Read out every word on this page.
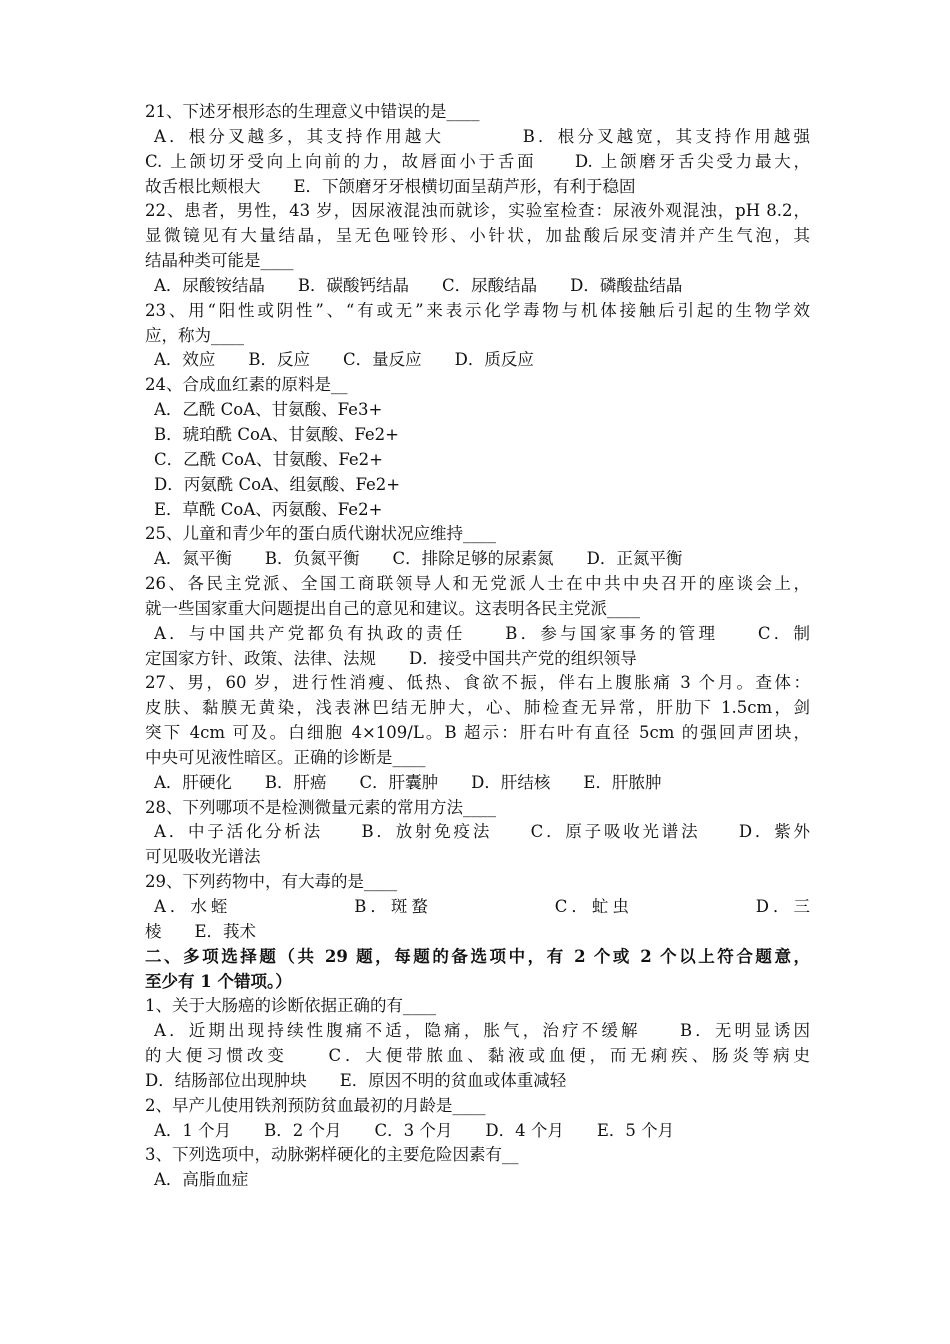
21、下述牙根形态的生理意义中错误的是____
A．根分叉越多，其支持作用越大　　　　B．根分叉越宽，其支持作用越强
C. 上颌切牙受向上向前的力，故唇面小于舌面　　D. 上颌磨牙舌尖受力最大，
故舌根比颊根大　　E．下颌磨牙牙根横切面呈葫芦形，有利于稳固
22、患者，男性，43 岁，因尿液混浊而就诊，实验室检查：尿液外观混浊，pH 8.2，
显微镜见有大量结晶，呈无色哑铃形、小针状，加盐酸后尿变清并产生气泡，其
结晶种类可能是____
A．尿酸铵结晶　　B．碳酸钙结晶　　C．尿酸结晶　　D．磷酸盐结晶
23、用“阳性或阴性”、“有或无”来表示化学毒物与机体接触后引起的生物学效
应，称为____
A．效应　　B．反应　　C．量反应　　D．质反应
24、合成血红素的原料是__
A．乙酰 CoA、甘氨酸、Fe3+
B．琥珀酰 CoA、甘氨酸、Fe2+
C．乙酰 CoA、甘氨酸、Fe2+
D．丙氨酰 CoA、组氨酸、Fe2+
E．草酰 CoA、丙氨酸、Fe2+
25、儿童和青少年的蛋白质代谢状况应维持____
A．氮平衡　　B．负氮平衡　　C．排除足够的尿素氮　　D．正氮平衡
26、各民主党派、全国工商联领导人和无党派人士在中共中央召开的座谈会上，
就一些国家重大问题提出自己的意见和建议。这表明各民主党派____
A．与中国共产党都负有执政的责任　　B．参与国家事务的管理　　C．制
定国家方针、政策、法律、法规　　D．接受中国共产党的组织领导
27、男，60 岁，进行性消瘦、低热、食欲不振，伴右上腹胀痛 3 个月。查体：
皮肤、黏膜无黄染，浅表淋巴结无肿大，心、肺检查无异常，肝肋下 1.5cm，剑
突下 4cm 可及。白细胞 4×109/L。B 超示：肝右叶有直径 5cm 的强回声团块，
中央可见液性暗区。正确的诊断是____
A．肝硬化　　B．肝癌　　C．肝囊肿　　D．肝结核　　E．肝脓肿
28、下列哪项不是检测微量元素的常用方法____
A．中子活化分析法　　B．放射免疫法　　C．原子吸收光谱法　　D．紫外
可见吸收光谱法
29、下列药物中，有大毒的是____
A．水蛭　　　　　　B．斑蝥　　　　　　C．虻虫　　　　　　D．三
棱　　E．莪术
二、多项选择题（共 29 题，每题的备选项中，有 2 个或 2 个以上符合题意，
至少有 1 个错项。）
1、关于大肠癌的诊断依据正确的有____
A．近期出现持续性腹痛不适，隐痛，胀气，治疗不缓解　　B．无明显诱因
的大便习惯改变　　C．大便带脓血、黏液或血便，而无痢疾、肠炎等病史
D．结肠部位出现肿块　　E．原因不明的贫血或体重减轻
2、早产儿使用铁剂预防贫血最初的月龄是____
A．1 个月　　B．2 个月　　C．3 个月　　D．4 个月　　E．5 个月
3、下列选项中，动脉粥样硬化的主要危险因素有__
A．高脂血症
